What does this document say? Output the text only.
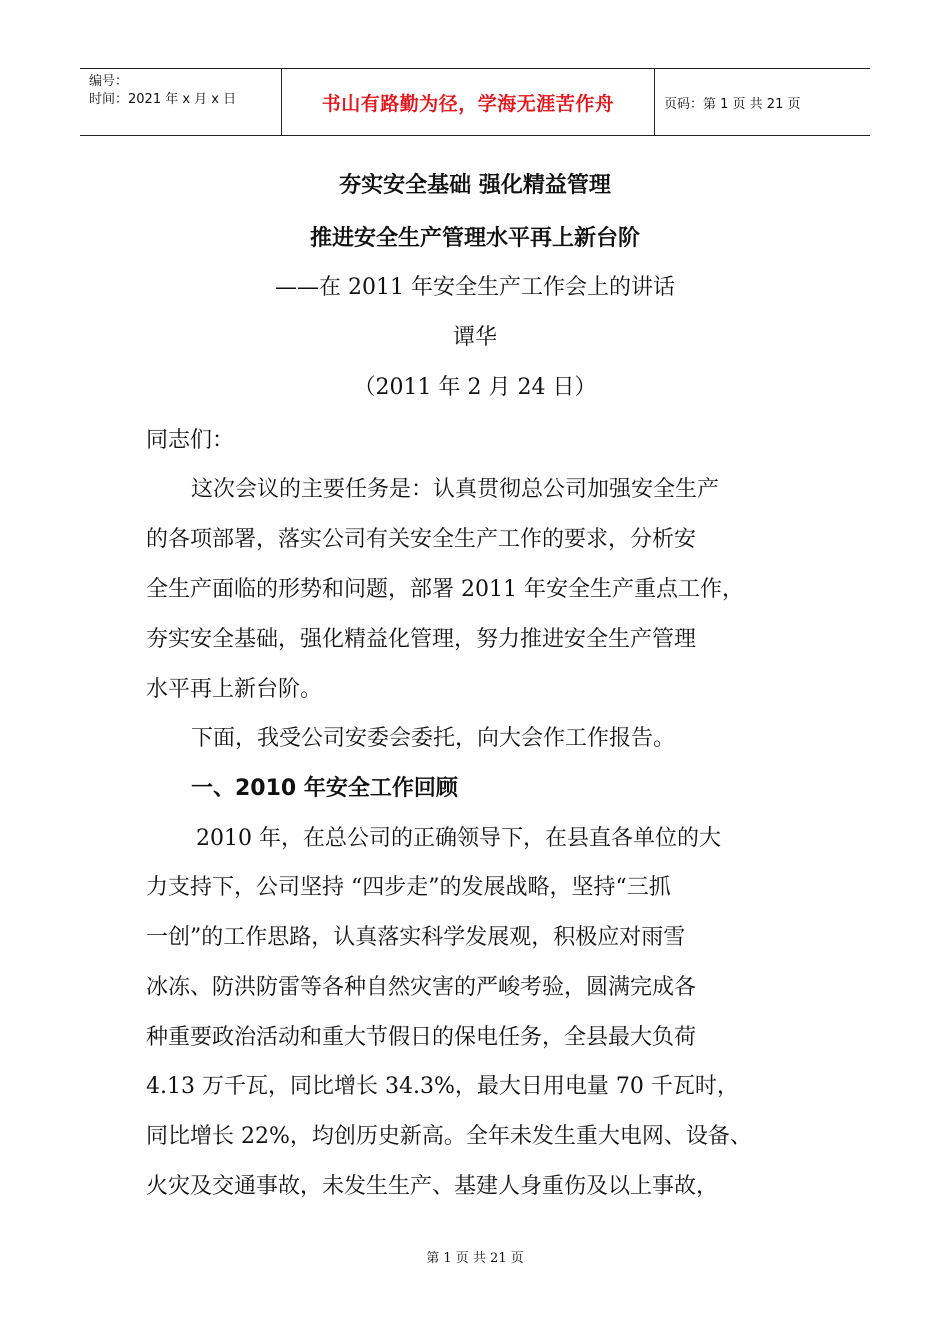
编号：
时间：2021 年 x 月 x 日	书山有路勤为径，学海无涯苦作舟	页码：第 1 页 共 21 页
夯实安全基础 强化精益管理
推进安全生产管理水平再上新台阶
——在 2011 年安全生产工作会上的讲话
谭华
（2011 年 2 月 24 日）
同志们：
这次会议的主要任务是：认真贯彻总公司加强安全生产
的各项部署，落实公司有关安全生产工作的要求，分析安
全生产面临的形势和问题，部署 2011 年安全生产重点工作，
夯实安全基础，强化精益化管理，努力推进安全生产管理
水平再上新台阶。
下面，我受公司安委会委托，向大会作工作报告。
一、2010 年安全工作回顾
2010 年，在总公司的正确领导下，在县直各单位的大
力支持下，公司坚持 “四步走”的发展战略，坚持“三抓
一创”的工作思路，认真落实科学发展观，积极应对雨雪
冰冻、防洪防雷等各种自然灾害的严峻考验，圆满完成各
种重要政治活动和重大节假日的保电任务，全县最大负荷
4.13 万千瓦，同比增长 34.3%，最大日用电量 70 千瓦时，
同比增长 22%，均创历史新高。全年未发生重大电网、设备、
火灾及交通事故，未发生生产、基建人身重伤及以上事故，
第 1 页 共 21 页
